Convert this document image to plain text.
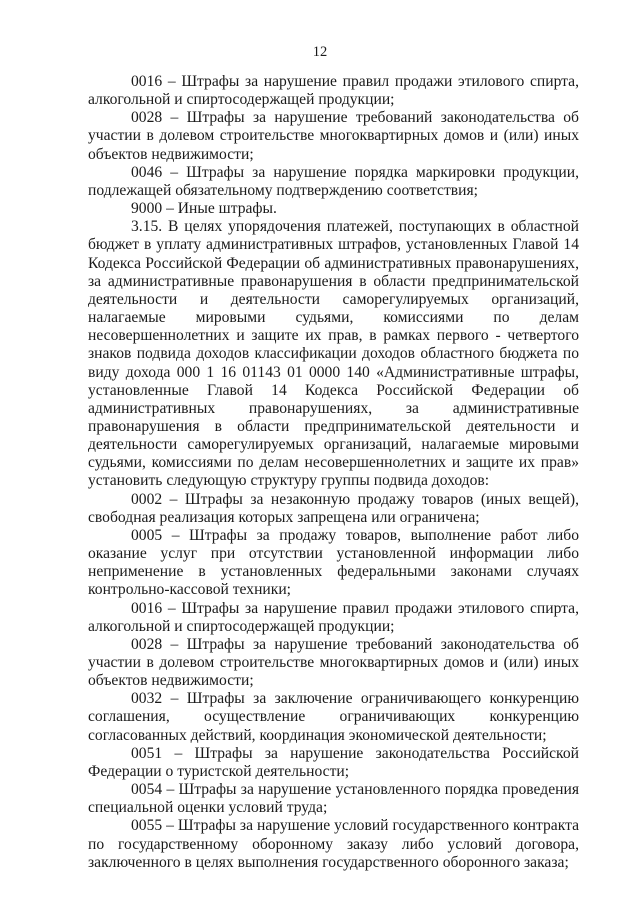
12

0016 – Штрафы за нарушение правил продажи этилового спирта, алкогольной и спиртосодержащей продукции;

0028 – Штрафы за нарушение требований законодательства об участии в долевом строительстве многоквартирных домов и (или) иных объектов недвижимости;

0046 – Штрафы за нарушение порядка маркировки продукции, подлежащей обязательному подтверждению соответствия;

9000 – Иные штрафы.

3.15. В целях упорядочения платежей, поступающих в областной бюджет в уплату административных штрафов, установленных Главой 14 Кодекса Российской Федерации об административных правонарушениях, за административные правонарушения в области предпринимательской деятельности и деятельности саморегулируемых организаций, налагаемые мировыми судьями, комиссиями по делам несовершеннолетних и защите их прав, в рамках первого - четвертого знаков подвида доходов классификации доходов областного бюджета по виду дохода 000 1 16 01143 01 0000 140 «Административные штрафы, установленные Главой 14 Кодекса Российской Федерации об административных правонарушениях, за административные правонарушения в области предпринимательской деятельности и деятельности саморегулируемых организаций, налагаемые мировыми судьями, комиссиями по делам несовершеннолетних и защите их прав» установить следующую структуру группы подвида доходов:

0002 – Штрафы за незаконную продажу товаров (иных вещей), свободная реализация которых запрещена или ограничена;

0005 – Штрафы за продажу товаров, выполнение работ либо оказание услуг при отсутствии установленной информации либо неприменение в установленных федеральными законами случаях контрольно-кассовой техники;

0016 – Штрафы за нарушение правил продажи этилового спирта, алкогольной и спиртосодержащей продукции;

0028 – Штрафы за нарушение требований законодательства об участии в долевом строительстве многоквартирных домов и (или) иных объектов недвижимости;

0032 – Штрафы за заключение ограничивающего конкуренцию соглашения, осуществление ограничивающих конкуренцию согласованных действий, координация экономической деятельности;

0051 – Штрафы за нарушение законодательства Российской Федерации о туристской деятельности;

0054 – Штрафы за нарушение установленного порядка проведения специальной оценки условий труда;

0055 – Штрафы за нарушение условий государственного контракта по государственному оборонному заказу либо условий договора, заключенного в целях выполнения государственного оборонного заказа;
